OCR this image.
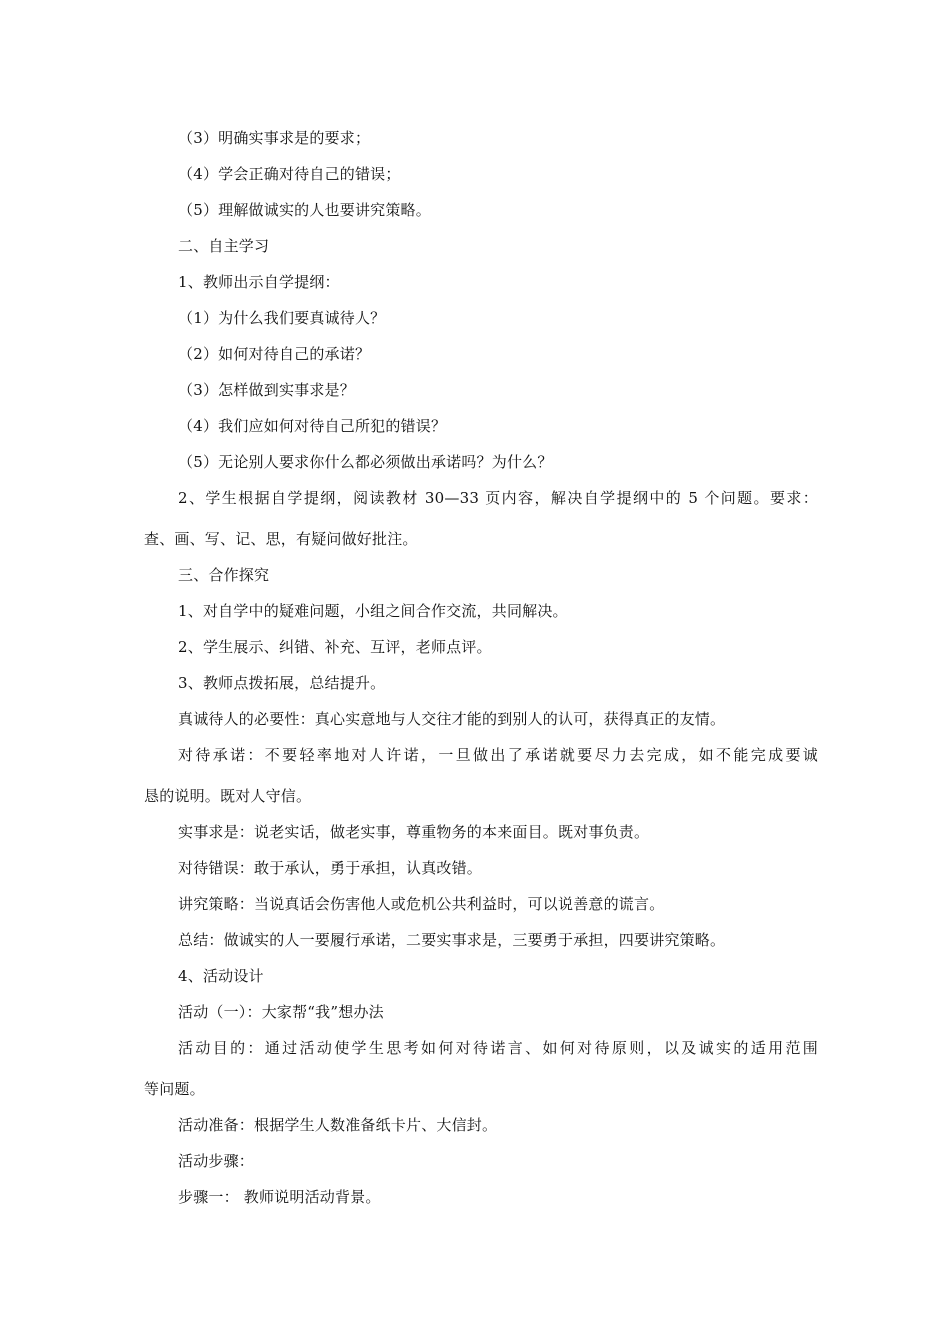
（3）明确实事求是的要求；
（4）学会正确对待自己的错误；
（5）理解做诚实的人也要讲究策略。
二、自主学习
1、教师出示自学提纲：
（1）为什么我们要真诚待人？
（2）如何对待自己的承诺？
（3）怎样做到实事求是？
（4）我们应如何对待自己所犯的错误？
（5）无论别人要求你什么都必须做出承诺吗？为什么？
2、学生根据自学提纲，阅读教材 30—33 页内容，解决自学提纲中的 5 个问题。要求：
查、画、写、记、思，有疑问做好批注。
三、合作探究
1、对自学中的疑难问题，小组之间合作交流，共同解决。
2、学生展示、纠错、补充、互评，老师点评。
3、教师点拨拓展，总结提升。
真诚待人的必要性：真心实意地与人交往才能的到别人的认可，获得真正的友情。
对待承诺：不要轻率地对人许诺，一旦做出了承诺就要尽力去完成，如不能完成要诚
恳的说明。既对人守信。
实事求是：说老实话，做老实事，尊重物务的本来面目。既对事负责。
对待错误：敢于承认，勇于承担，认真改错。
讲究策略：当说真话会伤害他人或危机公共利益时，可以说善意的谎言。
总结：做诚实的人一要履行承诺，二要实事求是，三要勇于承担，四要讲究策略。
4、活动设计
活动（一）：大家帮“我”想办法
活动目的：通过活动使学生思考如何对待诺言、如何对待原则，以及诚实的适用范围
等问题。
活动准备：根据学生人数准备纸卡片、大信封。
活动步骤：
步骤一： 教师说明活动背景。
